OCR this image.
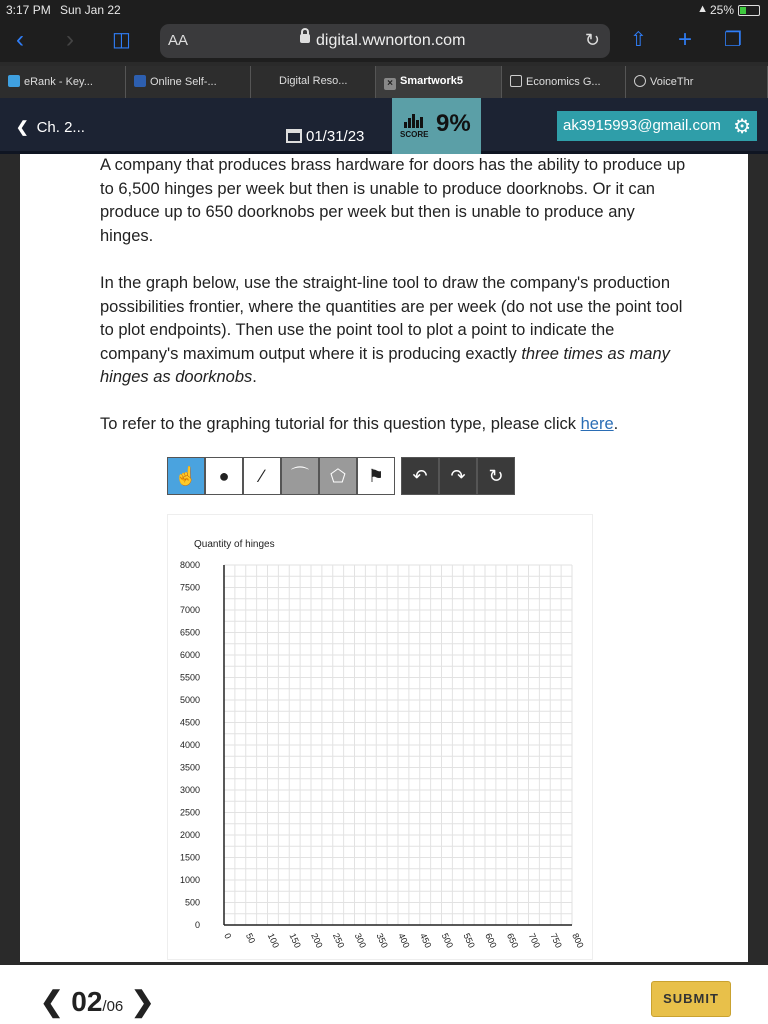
3:17 PM Sun Jan 22	▲ 25%
‹ › ◫ AA	digital.wwnorton.com	↻ ⇧ + ❐
eRank - Key...	Online Self-...	Digital Reso...	× Smartwork5	Economics G...	VoiceThr
❮ Ch. 2...
01/31/23	SCORE 9%	ak3915993@gmail.com ⚙

A company that produces brass hardware for doors has the ability to produce up to 6,500 hinges per week but then is unable to produce doorknobs. Or it can produce up to 650 doorknobs per week but then is unable to produce any hinges.

In the graph below, use the straight-line tool to draw the company's production possibilities frontier, where the quantities are per week (do not use the point tool to plot endpoints). Then use the point tool to plot a point to indicate the company's maximum output where it is producing exactly three times as many hinges as doorknobs.

To refer to the graphing tutorial for this question type, please click here.

☝	●	∕	⌒	⬠	⚑	↶	↷	↻
Quantity of hinges
0
500
1000
1500
2000
2500
3000
3500
4000
4500
5000
5500
6000
6500
7000
7500
8000
0 50 100 150 200 250 300 350 400 450 500 550 600 650 700 750 800
❮ 02/06 ❯	SUBMIT
